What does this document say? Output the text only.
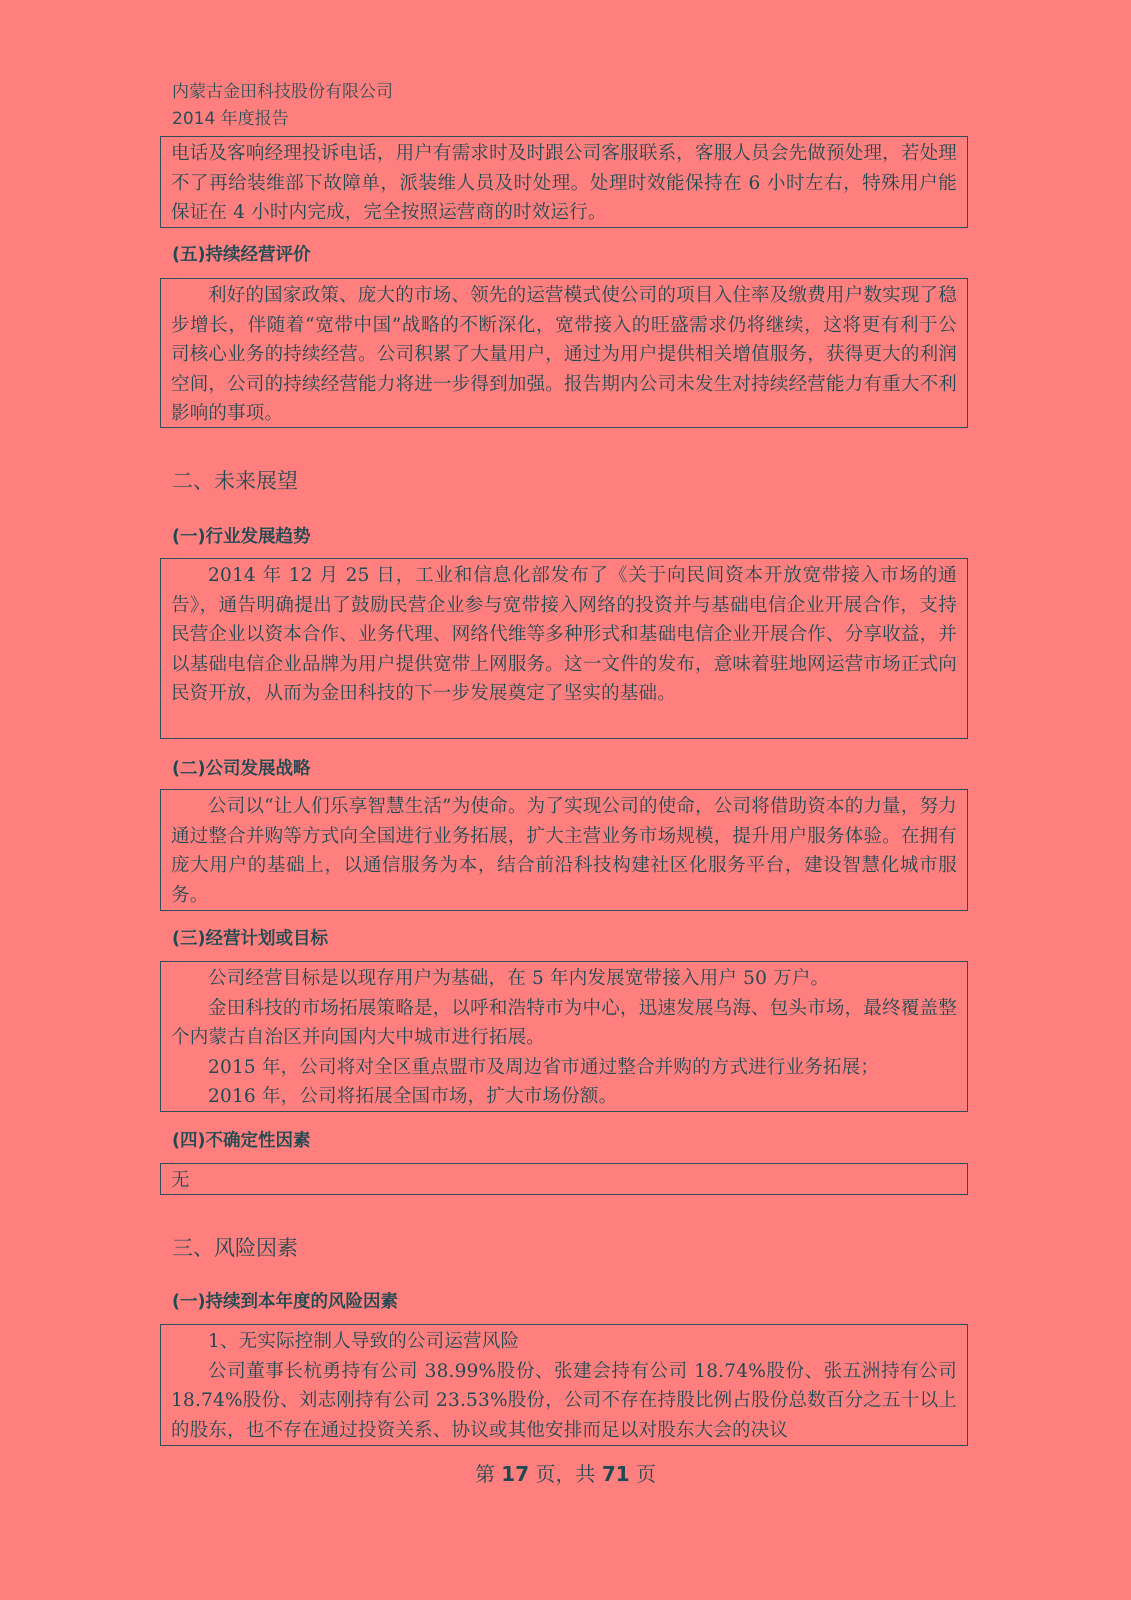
内蒙古金田科技股份有限公司
2014 年度报告

电话及客响经理投诉电话，用户有需求时及时跟公司客服联系，客服人员会先做预处理，若处理不了再给装维部下故障单，派装维人员及时处理。处理时效能保持在 6 小时左右，特殊用户能保证在 4 小时内完成，完全按照运营商的时效运行。

(五)持续经营评价

利好的国家政策、庞大的市场、领先的运营模式使公司的项目入住率及缴费用户数实现了稳步增长，伴随着“宽带中国”战略的不断深化，宽带接入的旺盛需求仍将继续，这将更有利于公司核心业务的持续经营。公司积累了大量用户，通过为用户提供相关增值服务，获得更大的利润空间，公司的持续经营能力将进一步得到加强。报告期内公司未发生对持续经营能力有重大不利影响的事项。

二、未来展望
(一)行业发展趋势

2014 年 12 月 25 日，工业和信息化部发布了《关于向民间资本开放宽带接入市场的通告》，通告明确提出了鼓励民营企业参与宽带接入网络的投资并与基础电信企业开展合作，支持民营企业以资本合作、业务代理、网络代维等多种形式和基础电信企业开展合作、分享收益，并以基础电信企业品牌为用户提供宽带上网服务。这一文件的发布，意味着驻地网运营市场正式向民资开放，从而为金田科技的下一步发展奠定了坚实的基础。

(二)公司发展战略

公司以“让人们乐享智慧生活”为使命。为了实现公司的使命，公司将借助资本的力量，努力通过整合并购等方式向全国进行业务拓展，扩大主营业务市场规模，提升用户服务体验。在拥有庞大用户的基础上，以通信服务为本，结合前沿科技构建社区化服务平台，建设智慧化城市服务。

(三)经营计划或目标

公司经营目标是以现存用户为基础，在 5 年内发展宽带接入用户 50 万户。

金田科技的市场拓展策略是，以呼和浩特市为中心，迅速发展乌海、包头市场，最终覆盖整个内蒙古自治区并向国内大中城市进行拓展。

2015 年，公司将对全区重点盟市及周边省市通过整合并购的方式进行业务拓展；

2016 年，公司将拓展全国市场，扩大市场份额。

(四)不确定性因素

无

三、风险因素
(一)持续到本年度的风险因素

1、无实际控制人导致的公司运营风险

公司董事长杭勇持有公司 38.99%股份、张建会持有公司 18.74%股份、张五洲持有公司 18.74%股份、刘志刚持有公司 23.53%股份，公司不存在持股比例占股份总数百分之五十以上的股东，也不存在通过投资关系、协议或其他安排而足以对股东大会的决议

第 17 页，共 71 页
